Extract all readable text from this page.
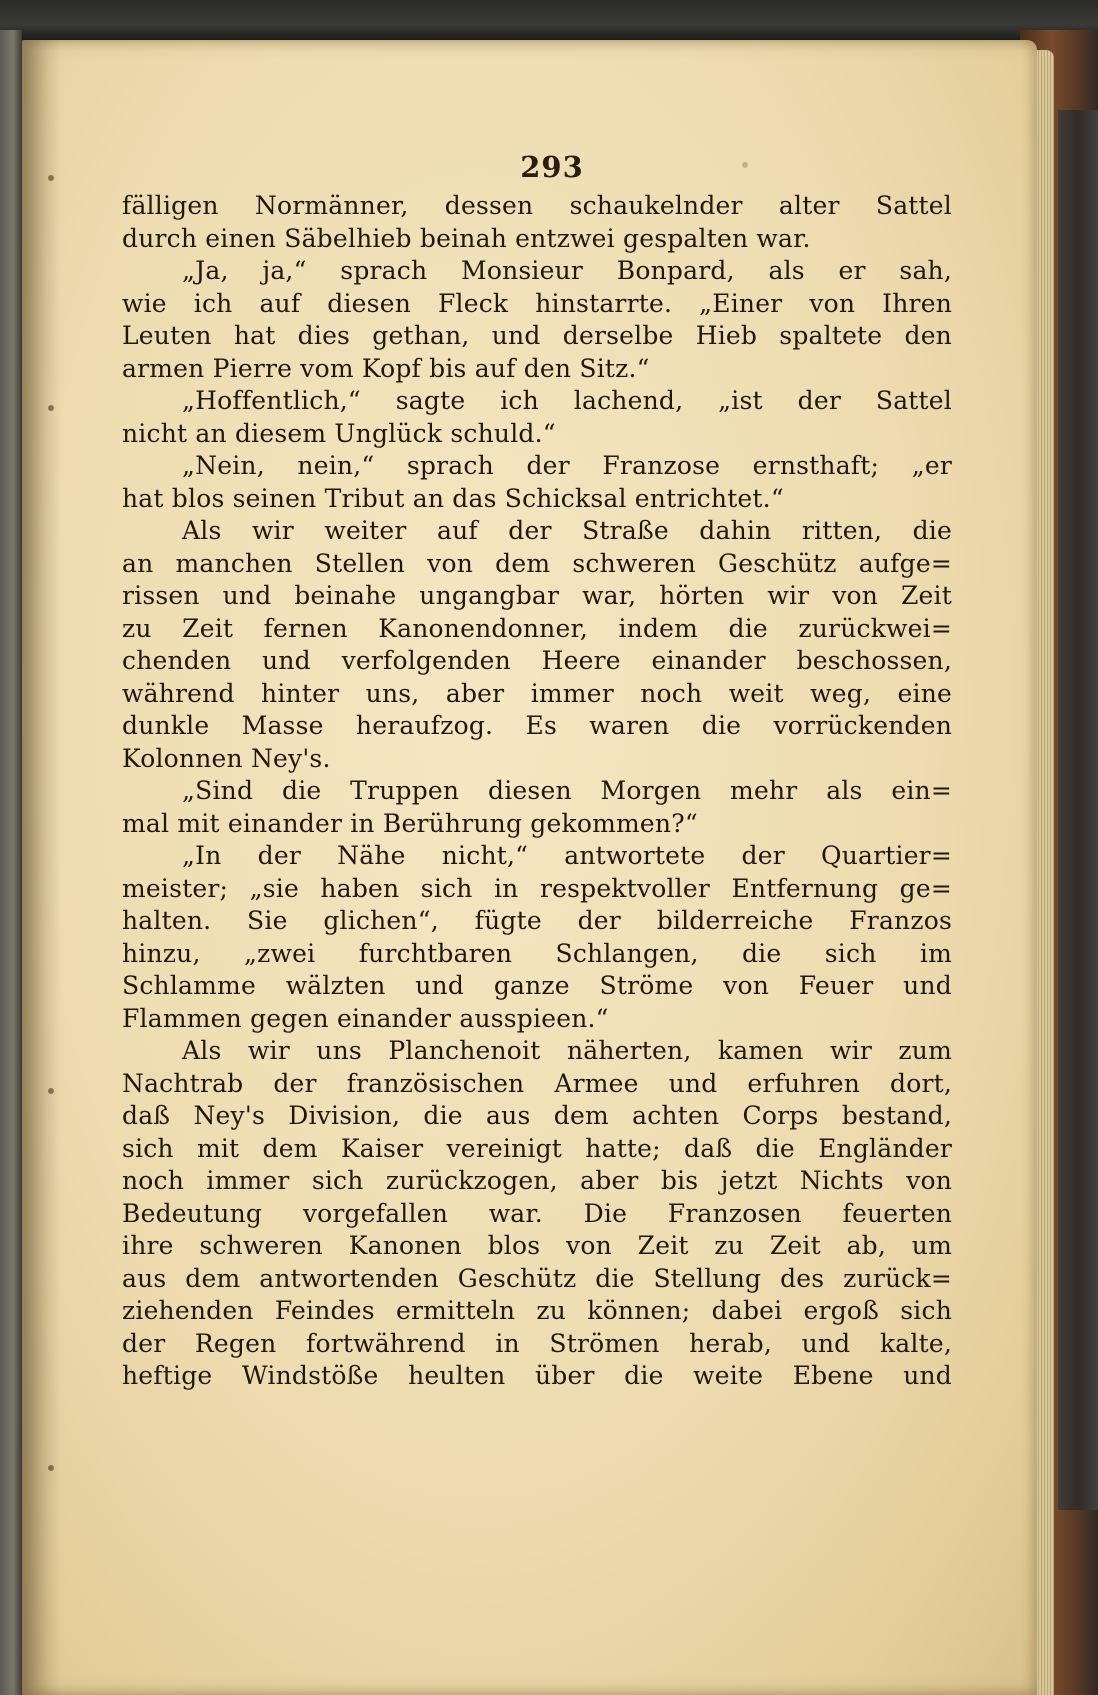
293
fälligen Normänner, dessen schaukelnder alter Sattel
durch einen Säbelhieb beinah entzwei gespalten war.
„Ja, ja,“ sprach Monsieur Bonpard, als er sah,
wie ich auf diesen Fleck hinstarrte. „Einer von Ihren
Leuten hat dies gethan, und derselbe Hieb spaltete den
armen Pierre vom Kopf bis auf den Sitz.“
„Hoffentlich,“ sagte ich lachend, „ist der Sattel
nicht an diesem Unglück schuld.“
„Nein, nein,“ sprach der Franzose ernsthaft; „er
hat blos seinen Tribut an das Schicksal entrichtet.“
Als wir weiter auf der Straße dahin ritten, die
an manchen Stellen von dem schweren Geschütz aufge=
rissen und beinahe ungangbar war, hörten wir von Zeit
zu Zeit fernen Kanonendonner, indem die zurückwei=
chenden und verfolgenden Heere einander beschossen,
während hinter uns, aber immer noch weit weg, eine
dunkle Masse heraufzog. Es waren die vorrückenden
Kolonnen Ney's.
„Sind die Truppen diesen Morgen mehr als ein=
mal mit einander in Berührung gekommen?“
„In der Nähe nicht,“ antwortete der Quartier=
meister; „sie haben sich in respektvoller Entfernung ge=
halten. Sie glichen“, fügte der bilderreiche Franzos
hinzu, „zwei furchtbaren Schlangen, die sich im
Schlamme wälzten und ganze Ströme von Feuer und
Flammen gegen einander ausspieen.“
Als wir uns Planchenoit näherten, kamen wir zum
Nachtrab der französischen Armee und erfuhren dort,
daß Ney's Division, die aus dem achten Corps bestand,
sich mit dem Kaiser vereinigt hatte; daß die Engländer
noch immer sich zurückzogen, aber bis jetzt Nichts von
Bedeutung vorgefallen war. Die Franzosen feuerten
ihre schweren Kanonen blos von Zeit zu Zeit ab, um
aus dem antwortenden Geschütz die Stellung des zurück=
ziehenden Feindes ermitteln zu können; dabei ergoß sich
der Regen fortwährend in Strömen herab, und kalte,
heftige Windstöße heulten über die weite Ebene und
